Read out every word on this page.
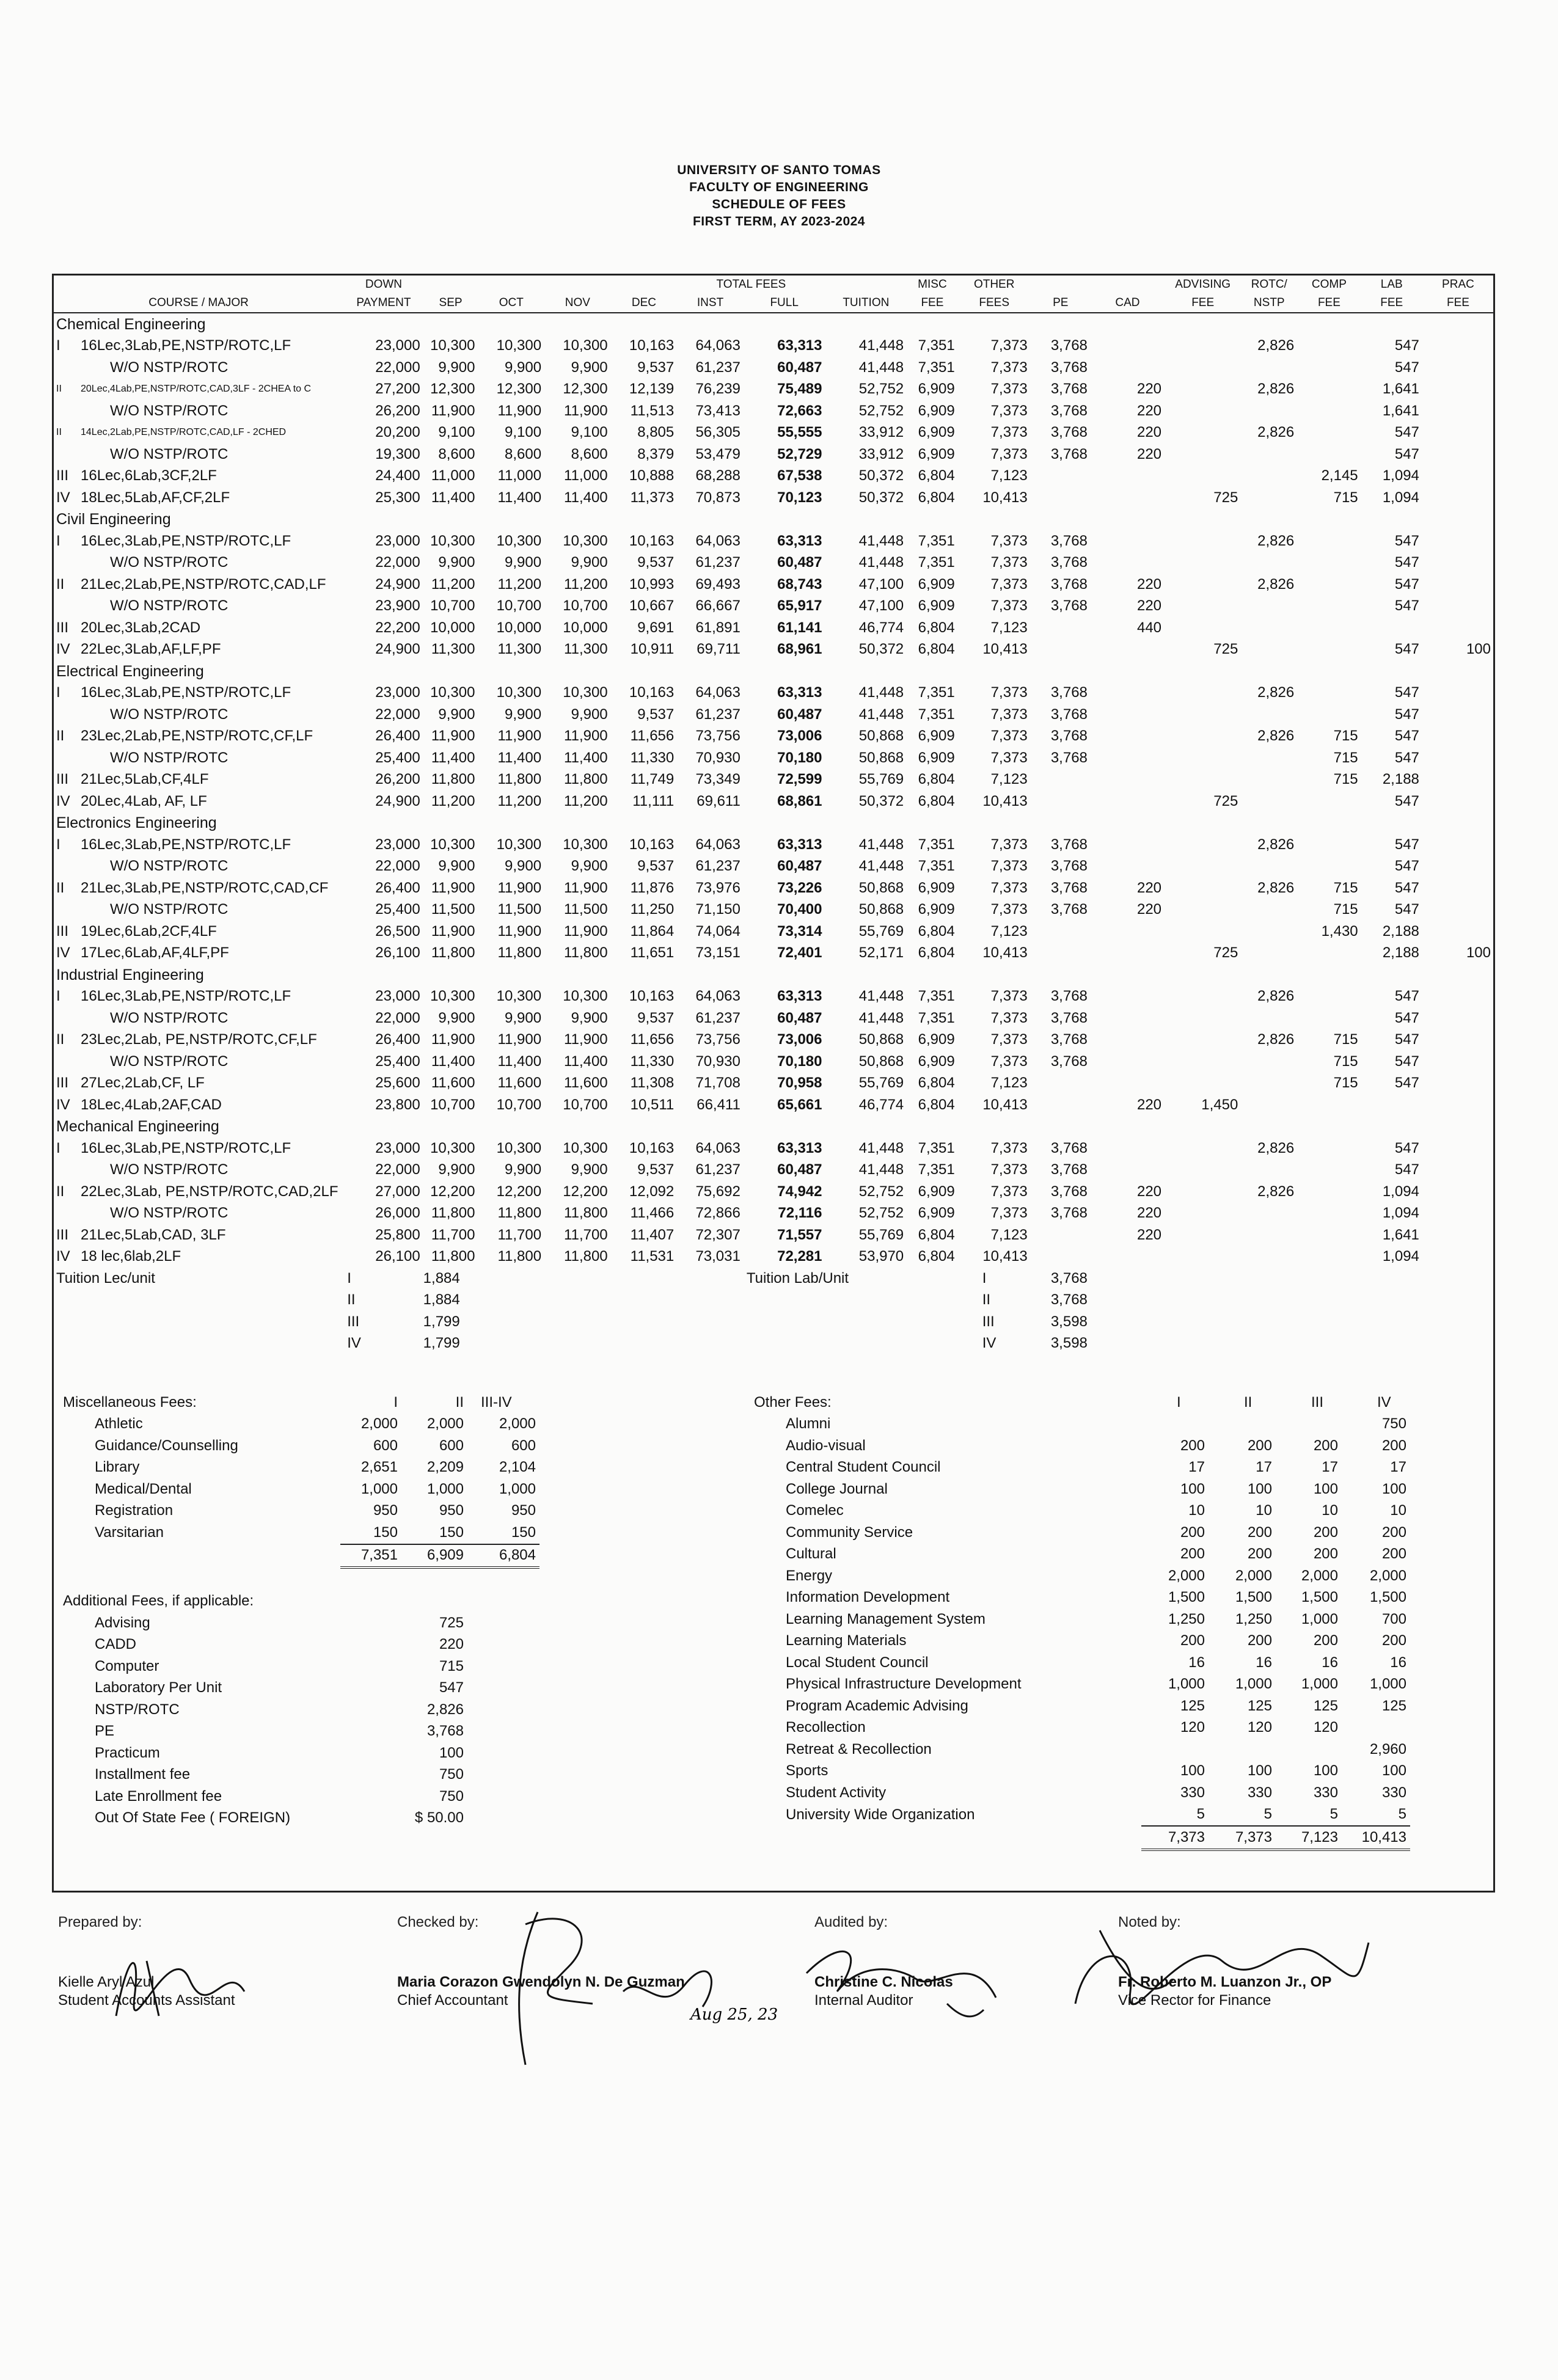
UNIVERSITY OF SANTO TOMAS
FACULTY OF ENGINEERING
SCHEDULE OF FEES
FIRST TERM, AY 2023-2024
	DOWN					TOTAL FEES			MISC	OTHER			ADVISING	ROTC/	COMP	LAB	PRAC
COURSE / MAJOR	PAYMENT	SEP	OCT	NOV	DEC	INST	FULL	TUITION	FEE	FEES	PE	CAD	FEE	NSTP	FEE	FEE	FEE
Chemical Engineering																	
I 16Lec,3Lab,PE,NSTP/ROTC,LF	23,000	10,300	10,300	10,300	10,163	64,063	63,313	41,448	7,351	7,373	3,768			2,826		547	
W/O NSTP/ROTC	22,000	9,900	9,900	9,900	9,537	61,237	60,487	41,448	7,351	7,373	3,768					547	
II 20Lec,4Lab,PE,NSTP/ROTC,CAD,3LF - 2CHEA to C	27,200	12,300	12,300	12,300	12,139	76,239	75,489	52,752	6,909	7,373	3,768	220		2,826		1,641	
W/O NSTP/ROTC	26,200	11,900	11,900	11,900	11,513	73,413	72,663	52,752	6,909	7,373	3,768	220				1,641	
II 14Lec,2Lab,PE,NSTP/ROTC,CAD,LF - 2CHED	20,200	9,100	9,100	9,100	8,805	56,305	55,555	33,912	6,909	7,373	3,768	220		2,826		547	
W/O NSTP/ROTC	19,300	8,600	8,600	8,600	8,379	53,479	52,729	33,912	6,909	7,373	3,768	220				547	
III 16Lec,6Lab,3CF,2LF	24,400	11,000	11,000	11,000	10,888	68,288	67,538	50,372	6,804	7,123					2,145	1,094	
IV 18Lec,5Lab,AF,CF,2LF	25,300	11,400	11,400	11,400	11,373	70,873	70,123	50,372	6,804	10,413			725		715	1,094	
Civil Engineering																	
I 16Lec,3Lab,PE,NSTP/ROTC,LF	23,000	10,300	10,300	10,300	10,163	64,063	63,313	41,448	7,351	7,373	3,768			2,826		547	
W/O NSTP/ROTC	22,000	9,900	9,900	9,900	9,537	61,237	60,487	41,448	7,351	7,373	3,768					547	
II 21Lec,2Lab,PE,NSTP/ROTC,CAD,LF	24,900	11,200	11,200	11,200	10,993	69,493	68,743	47,100	6,909	7,373	3,768	220		2,826		547	
W/O NSTP/ROTC	23,900	10,700	10,700	10,700	10,667	66,667	65,917	47,100	6,909	7,373	3,768	220				547	
III 20Lec,3Lab,2CAD	22,200	10,000	10,000	10,000	9,691	61,891	61,141	46,774	6,804	7,123		440					
IV 22Lec,3Lab,AF,LF,PF	24,900	11,300	11,300	11,300	10,911	69,711	68,961	50,372	6,804	10,413			725			547	100
Electrical Engineering																	
I 16Lec,3Lab,PE,NSTP/ROTC,LF	23,000	10,300	10,300	10,300	10,163	64,063	63,313	41,448	7,351	7,373	3,768			2,826		547	
W/O NSTP/ROTC	22,000	9,900	9,900	9,900	9,537	61,237	60,487	41,448	7,351	7,373	3,768					547	
II 23Lec,2Lab,PE,NSTP/ROTC,CF,LF	26,400	11,900	11,900	11,900	11,656	73,756	73,006	50,868	6,909	7,373	3,768			2,826	715	547	
W/O NSTP/ROTC	25,400	11,400	11,400	11,400	11,330	70,930	70,180	50,868	6,909	7,373	3,768				715	547	
III 21Lec,5Lab,CF,4LF	26,200	11,800	11,800	11,800	11,749	73,349	72,599	55,769	6,804	7,123					715	2,188	
IV 20Lec,4Lab, AF, LF	24,900	11,200	11,200	11,200	11,111	69,611	68,861	50,372	6,804	10,413			725			547	
Electronics Engineering																	
I 16Lec,3Lab,PE,NSTP/ROTC,LF	23,000	10,300	10,300	10,300	10,163	64,063	63,313	41,448	7,351	7,373	3,768			2,826		547	
W/O NSTP/ROTC	22,000	9,900	9,900	9,900	9,537	61,237	60,487	41,448	7,351	7,373	3,768					547	
II 21Lec,3Lab,PE,NSTP/ROTC,CAD,CF	26,400	11,900	11,900	11,900	11,876	73,976	73,226	50,868	6,909	7,373	3,768	220		2,826	715	547	
W/O NSTP/ROTC	25,400	11,500	11,500	11,500	11,250	71,150	70,400	50,868	6,909	7,373	3,768	220			715	547	
III 19Lec,6Lab,2CF,4LF	26,500	11,900	11,900	11,900	11,864	74,064	73,314	55,769	6,804	7,123					1,430	2,188	
IV 17Lec,6Lab,AF,4LF,PF	26,100	11,800	11,800	11,800	11,651	73,151	72,401	52,171	6,804	10,413			725			2,188	100
Industrial Engineering																	
I 16Lec,3Lab,PE,NSTP/ROTC,LF	23,000	10,300	10,300	10,300	10,163	64,063	63,313	41,448	7,351	7,373	3,768			2,826		547	
W/O NSTP/ROTC	22,000	9,900	9,900	9,900	9,537	61,237	60,487	41,448	7,351	7,373	3,768					547	
II 23Lec,2Lab, PE,NSTP/ROTC,CF,LF	26,400	11,900	11,900	11,900	11,656	73,756	73,006	50,868	6,909	7,373	3,768			2,826	715	547	
W/O NSTP/ROTC	25,400	11,400	11,400	11,400	11,330	70,930	70,180	50,868	6,909	7,373	3,768				715	547	
III 27Lec,2Lab,CF, LF	25,600	11,600	11,600	11,600	11,308	71,708	70,958	55,769	6,804	7,123					715	547	
IV 18Lec,4Lab,2AF,CAD	23,800	10,700	10,700	10,700	10,511	66,411	65,661	46,774	6,804	10,413		220	1,450				
Mechanical Engineering																	
I 16Lec,3Lab,PE,NSTP/ROTC,LF	23,000	10,300	10,300	10,300	10,163	64,063	63,313	41,448	7,351	7,373	3,768			2,826		547	
W/O NSTP/ROTC	22,000	9,900	9,900	9,900	9,537	61,237	60,487	41,448	7,351	7,373	3,768					547	
II 22Lec,3Lab, PE,NSTP/ROTC,CAD,2LF	27,000	12,200	12,200	12,200	12,092	75,692	74,942	52,752	6,909	7,373	3,768	220		2,826		1,094	
W/O NSTP/ROTC	26,000	11,800	11,800	11,800	11,466	72,866	72,116	52,752	6,909	7,373	3,768	220				1,094	
III 21Lec,5Lab,CAD, 3LF	25,800	11,700	11,700	11,700	11,407	72,307	71,557	55,769	6,804	7,123		220				1,641	
IV 18 lec,6lab,2LF	26,100	11,800	11,800	11,800	11,531	73,031	72,281	53,970	6,804	10,413						1,094	
Tuition Lec/unit	I	1,884					Tuition Lab/Unit			I	3,768						
	II	1,884								II	3,768						
	III	1,799								III	3,598						
	IV	1,799								IV	3,598						
Miscellaneous Fees:	I	II	III-IV
Athletic	2,000	2,000	2,000
Guidance/Counselling	600	600	600
Library	2,651	2,209	2,104
Medical/Dental	1,000	1,000	1,000
Registration	950	950	950
Varsitarian	150	150	150
	7,351	6,909	6,804

Additional Fees, if applicable:			
Advising		725	
CADD		220	
Computer		715	
Laboratory Per Unit		547	
NSTP/ROTC		2,826	
PE		3,768	
Practicum		100	
Installment fee		750	
Late Enrollment fee		750	
Out Of State Fee ( FOREIGN)		$ 50.00	
Other Fees:	I	II	III	IV
Alumni				750
Audio-visual	200	200	200	200
Central Student Council	17	17	17	17
College Journal	100	100	100	100
Comelec	10	10	10	10
Community Service	200	200	200	200
Cultural	200	200	200	200
Energy	2,000	2,000	2,000	2,000
Information Development	1,500	1,500	1,500	1,500
Learning Management System	1,250	1,250	1,000	700
Learning Materials	200	200	200	200
Local Student Council	16	16	16	16
Physical Infrastructure Development	1,000	1,000	1,000	1,000
Program Academic Advising	125	125	125	125
Recollection	120	120	120	
Retreat & Recollection				2,960
Sports	100	100	100	100
Student Activity	330	330	330	330
University Wide Organization	5	5	5	5
	7,373	7,373	7,123	10,413
Prepared by:
Kielle Aryl Azul
Student Accounts Assistant
Checked by:
Maria Corazon Gwendolyn N. De Guzman
Chief Accountant
Audited by:
Christine C. Nicolas
Internal Auditor
Noted by:
Fr. Roberto M. Luanzon Jr., OP
Vice Rector for Finance
Aug 25, 23
